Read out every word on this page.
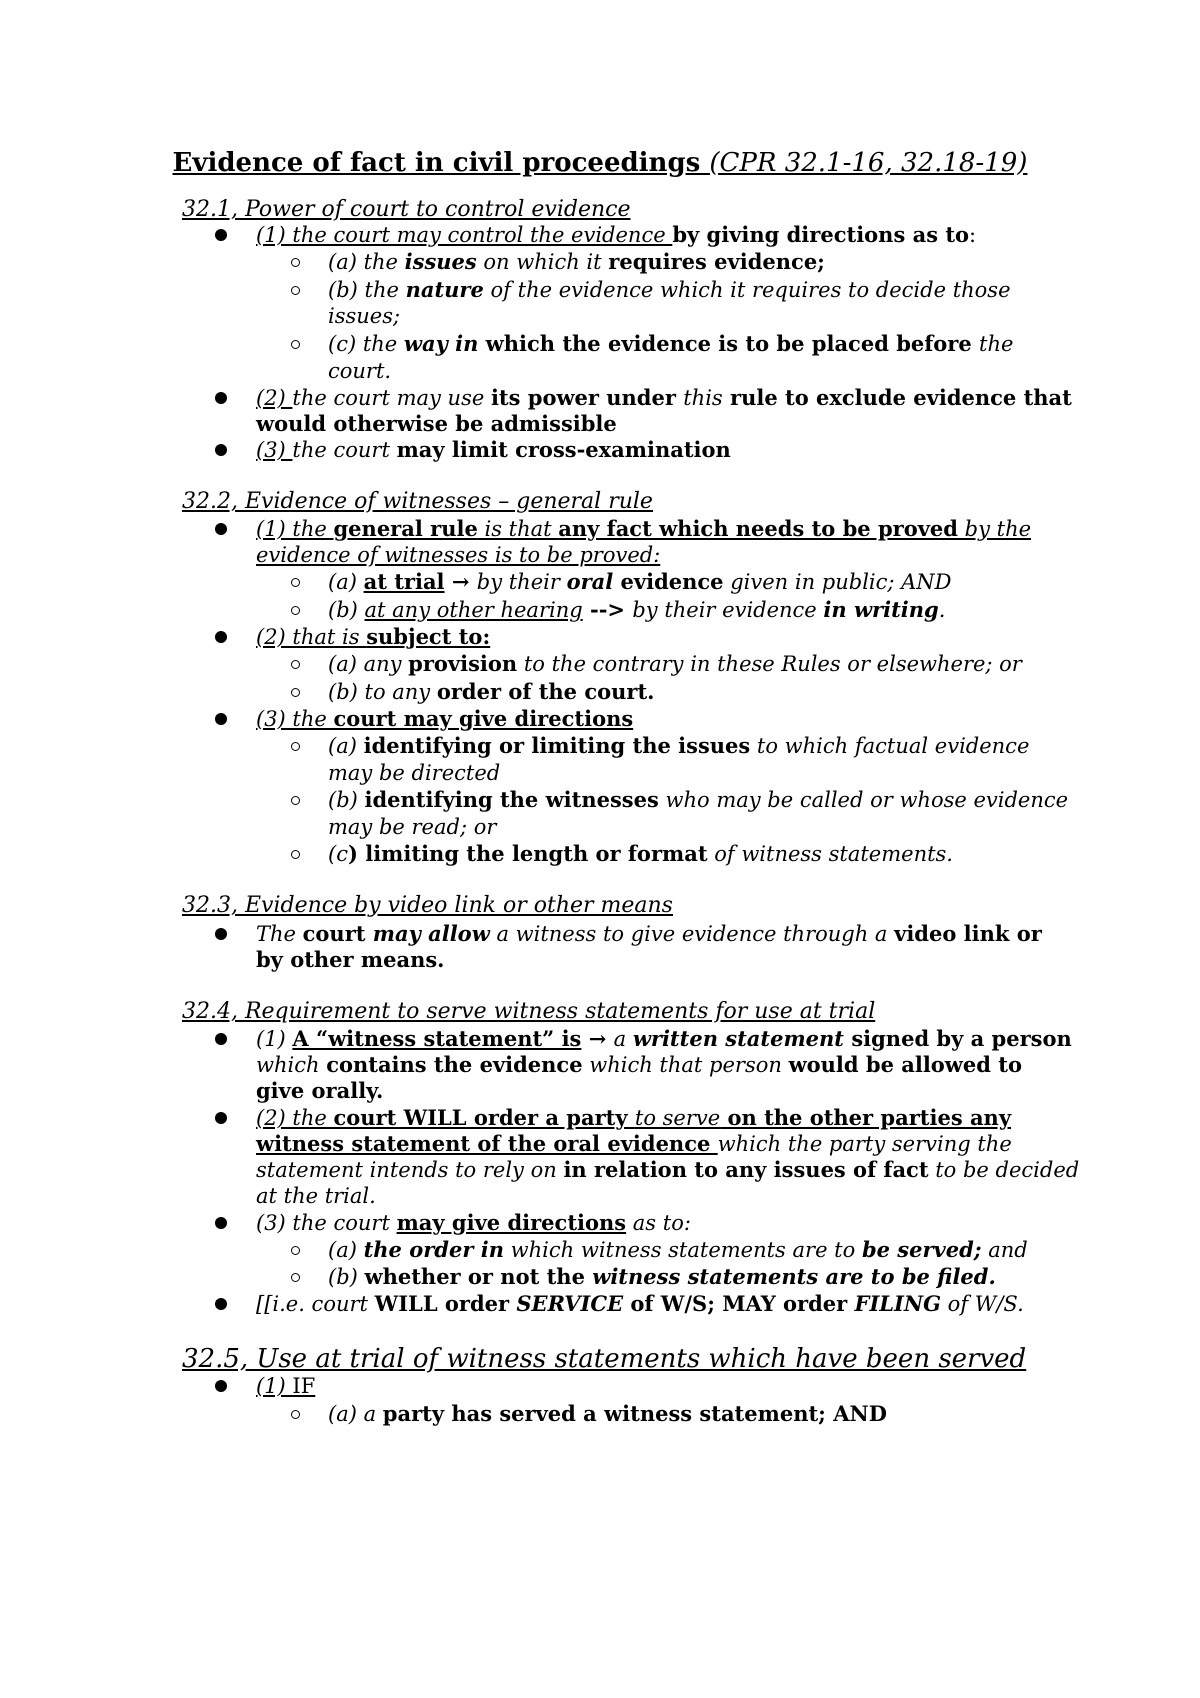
Evidence of fact in civil proceedings (CPR 32.1-16, 32.18-19)
32.1, Power of court to control evidence
(1) the court may control the evidence by giving directions as to:
(a) the issues on which it requires evidence;
(b) the nature of the evidence which it requires to decide those
issues;
(c) the way in which the evidence is to be placed before the
court.
(2) the court may use its power under this rule to exclude evidence that
would otherwise be admissible
(3) the court may limit cross-examination
32.2, Evidence of witnesses – general rule
(1) the general rule is that any fact which needs to be proved by the
evidence of witnesses is to be proved:
(a) at trial → by their oral evidence given in public; AND
(b) at any other hearing --> by their evidence in writing.
(2) that is subject to:
(a) any provision to the contrary in these Rules or elsewhere; or
(b) to any order of the court.
(3) the court may give directions
(a) identifying or limiting the issues to which factual evidence
may be directed
(b) identifying the witnesses who may be called or whose evidence
may be read; or
(c) limiting the length or format of witness statements.
32.3, Evidence by video link or other means
The court may allow a witness to give evidence through a video link or
by other means.
32.4, Requirement to serve witness statements for use at trial
(1) A “witness statement” is → a written statement signed by a person
which contains the evidence which that person would be allowed to
give orally.
(2) the court WILL order a party to serve on the other parties any
witness statement of the oral evidence which the party serving the
statement intends to rely on in relation to any issues of fact to be decided
at the trial.
(3) the court may give directions as to:
(a) the order in which witness statements are to be served; and
(b) whether or not the witness statements are to be filed.
[[i.e. court WILL order SERVICE of W/S; MAY order FILING of W/S.
32.5, Use at trial of witness statements which have been served
(1) IF
(a) a party has served a witness statement; AND
